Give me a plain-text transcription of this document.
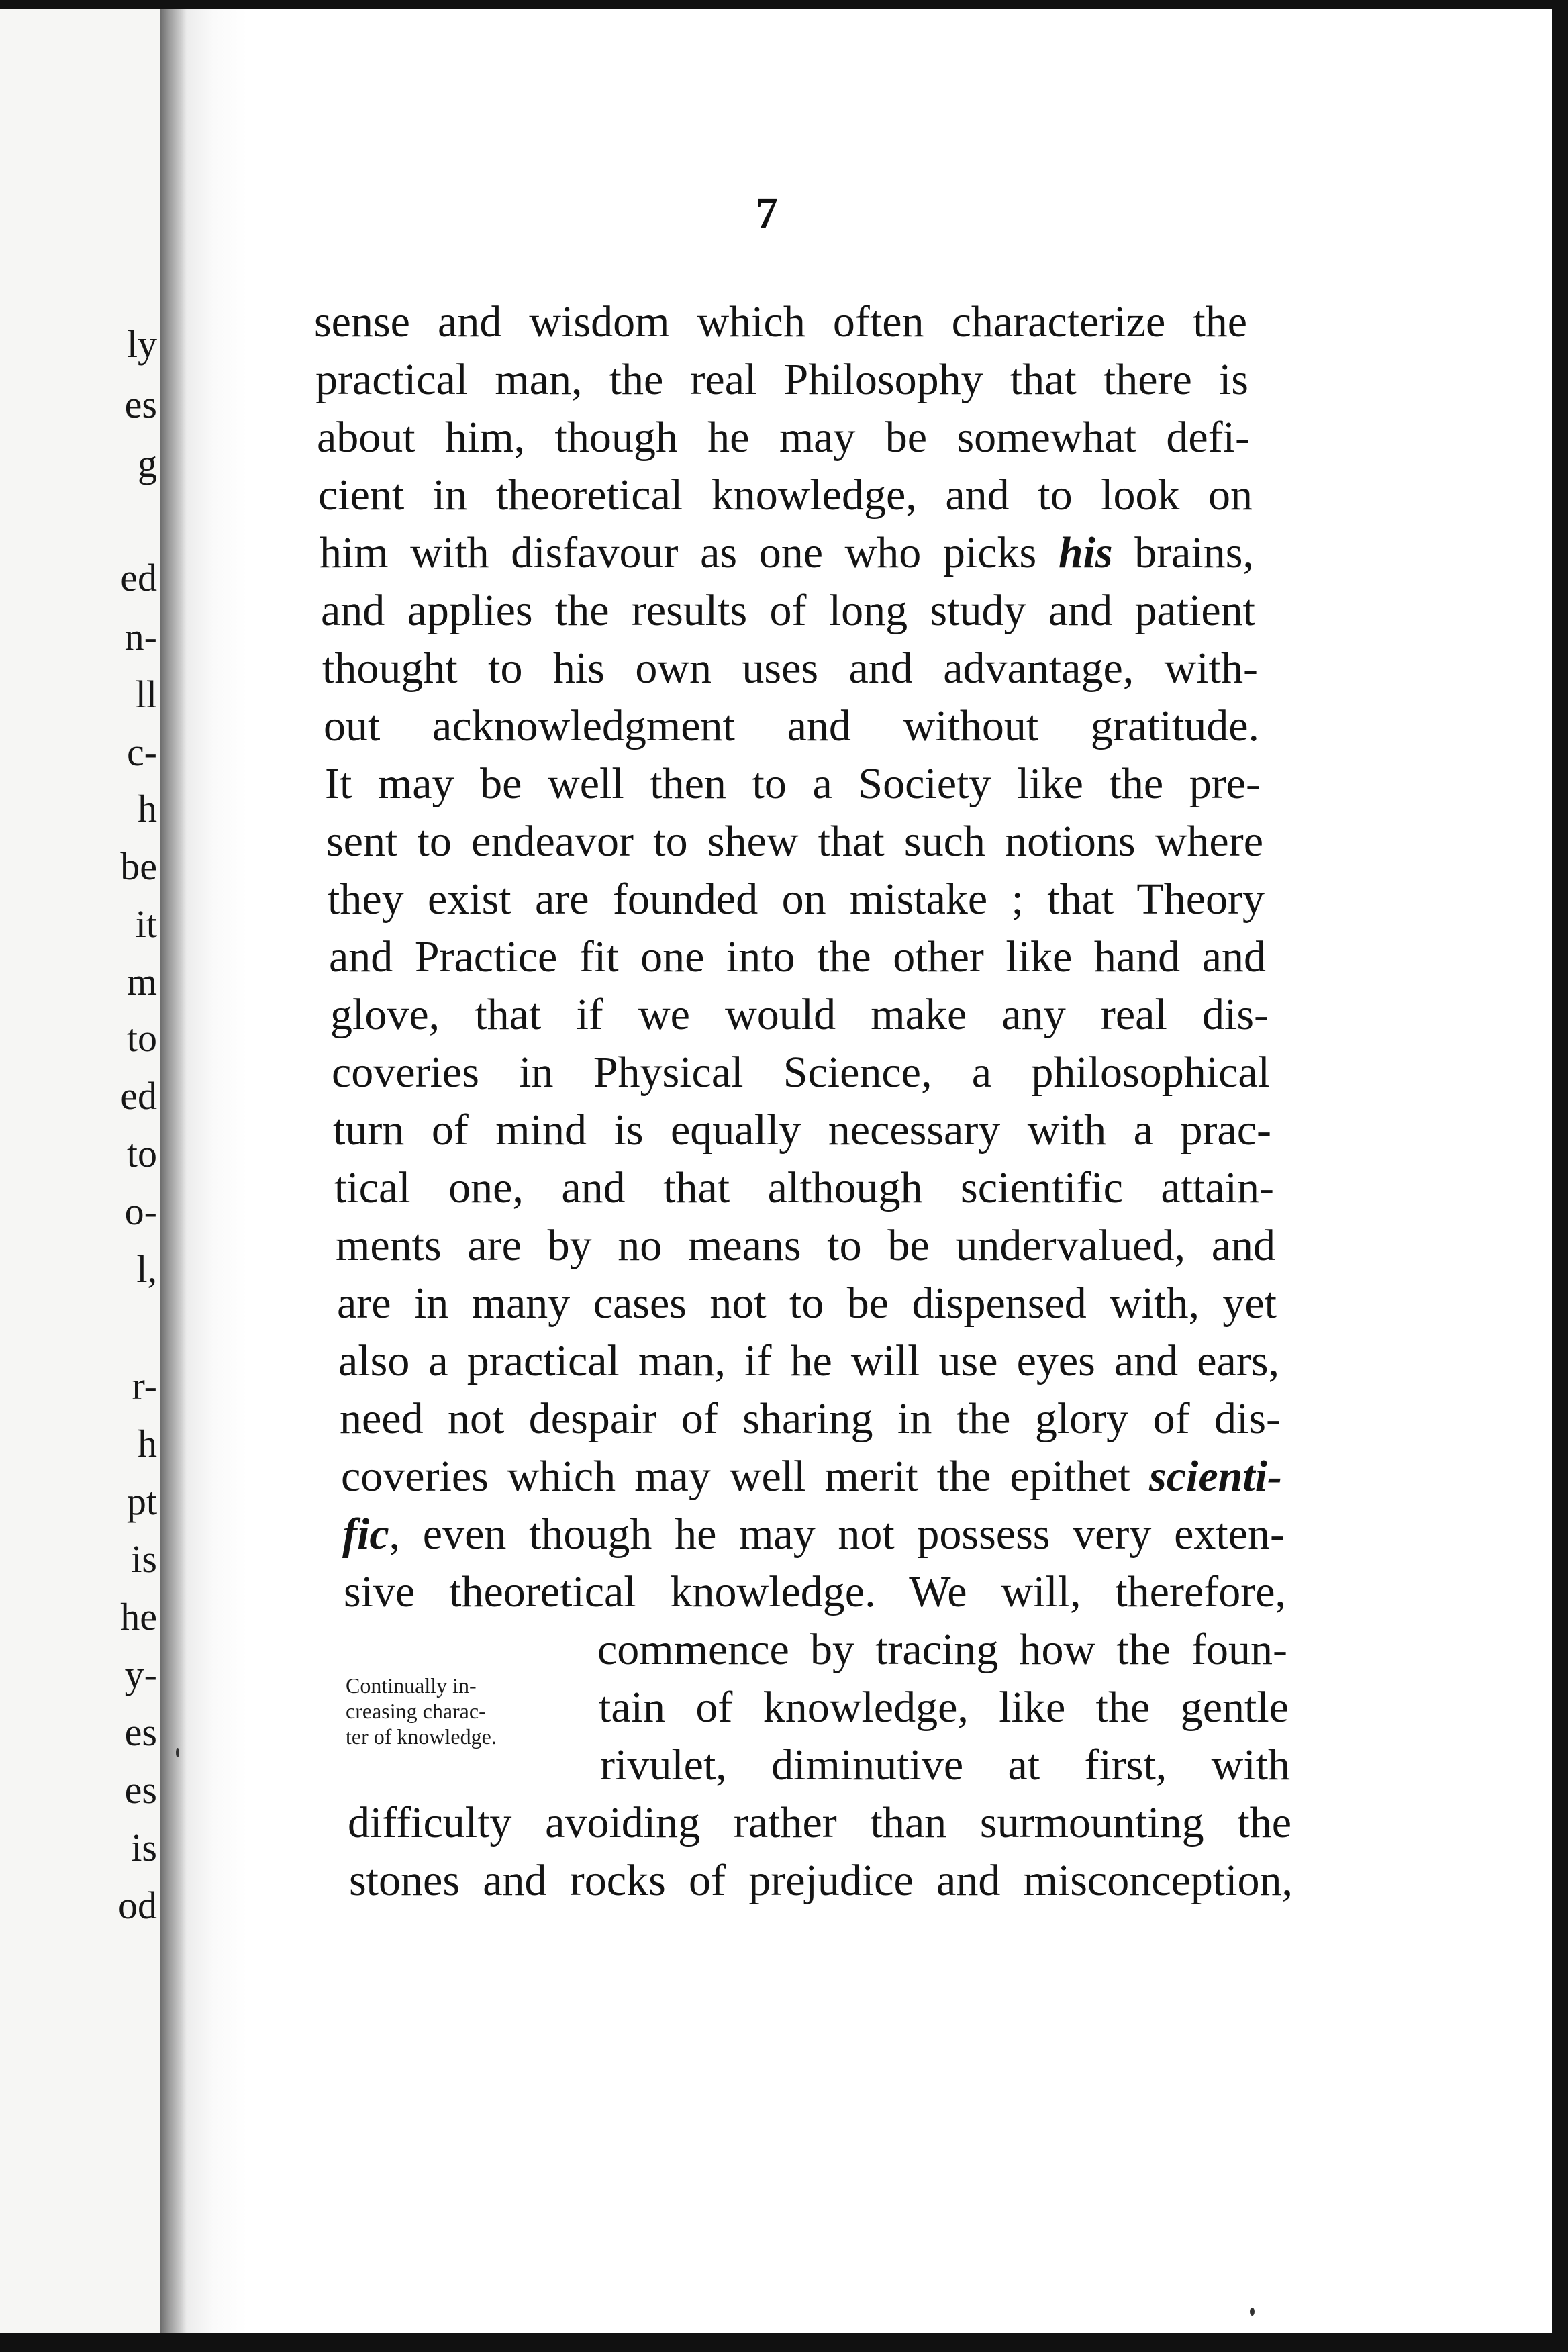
ly
es
g
ed
n-
ll
c-
h
be
it
m
to
ed
to
o-
l,
r-
h
pt
is
he
y-
es
es
is
od
7
sense and wisdom which often characterize the
practical man, the real Philosophy that there is
about him, though he may be somewhat defi-
cient in theoretical knowledge, and to look on
him with disfavour as one who picks his brains,
and applies the results of long study and patient
thought to his own uses and advantage, with-
out acknowledgment and without gratitude.
It may be well then to a Society like the pre-
sent to endeavor to shew that such notions where
they exist are founded on mistake ; that Theory
and Practice fit one into the other like hand and
glove, that if we would make any real dis-
coveries in Physical Science, a philosophical
turn of mind is equally necessary with a prac-
tical one, and that although scientific attain-
ments are by no means to be undervalued, and
are in many cases not to be dispensed with, yet
also a practical man, if he will use eyes and ears,
need not despair of sharing in the glory of dis-
coveries which may well merit the epithet scienti-
fic, even though he may not possess very exten-
sive theoretical knowledge. We will, therefore,
commence by tracing how the foun-
tain of knowledge, like the gentle
rivulet, diminutive at first, with
difficulty avoiding rather than surmounting the
stones and rocks of prejudice and misconception,
Continually in-
creasing charac-
ter of knowledge.
